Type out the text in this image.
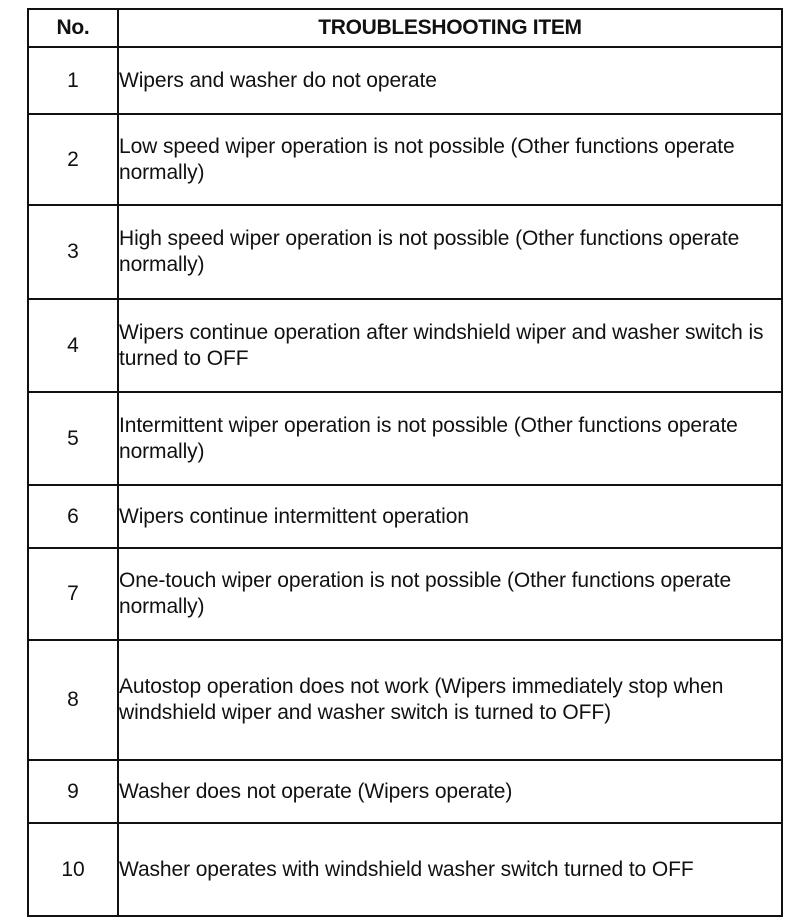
No.	TROUBLESHOOTING ITEM
1	Wipers and washer do not operate
2	Low speed wiper operation is not possible (Other functions operate normally)
3	High speed wiper operation is not possible (Other functions operate normally)
4	Wipers continue operation after windshield wiper and washer switch is turned to OFF
5	Intermittent wiper operation is not possible (Other functions operate normally)
6	Wipers continue intermittent operation
7	One-touch wiper operation is not possible (Other functions operate normally)
8	Autostop operation does not work (Wipers immediately stop when windshield wiper and washer switch is turned to OFF)
9	Washer does not operate (Wipers operate)
10	Washer operates with windshield washer switch turned to OFF
